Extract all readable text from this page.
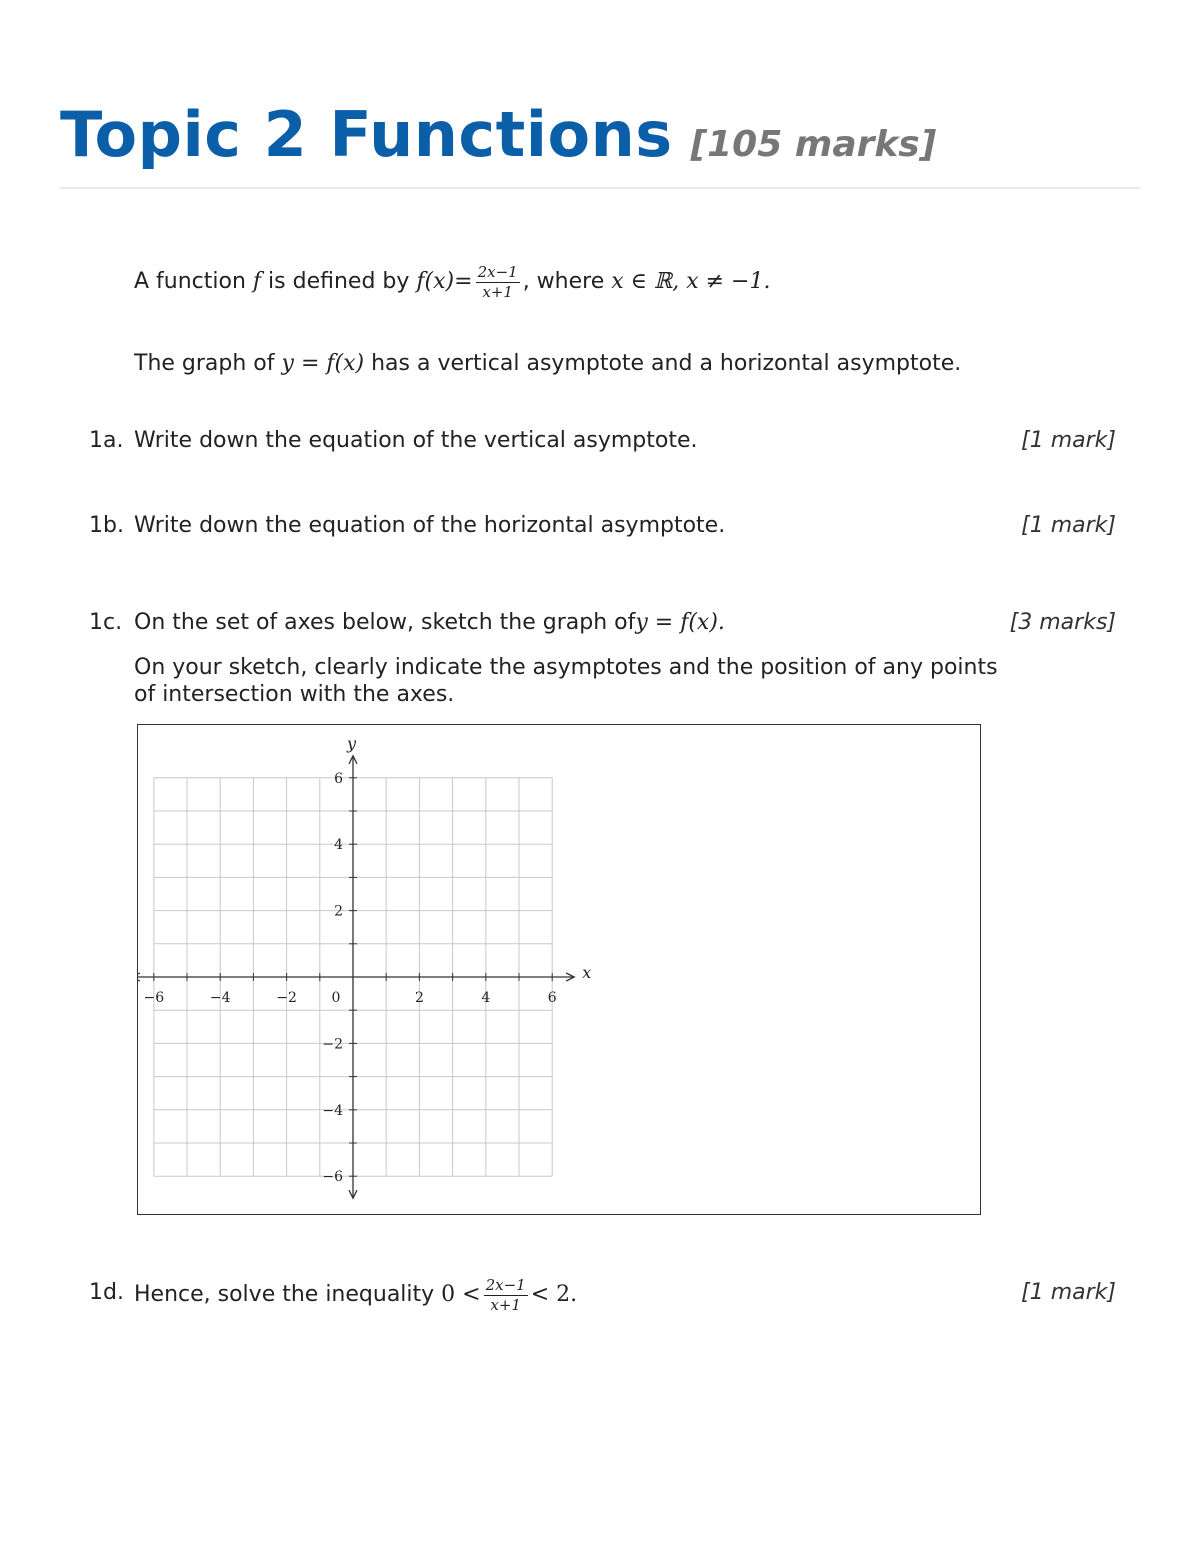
Topic 2 Functions [105 marks]
A function f is defined by $f(x)= \frac{2x-1}{x+1}$ , where x ∈ ℝ, x ≠ −1.
The graph of y = f(x) has a vertical asymptote and a horizontal asymptote.
1a. Write down the equation of the vertical asymptote.	[1 mark]
1b. Write down the equation of the horizontal asymptote.	[1 mark]
1c. On the set of axes below, sketch the graph ofy = f(x).	[3 marks]
On your sketch, clearly indicate the asymptotes and the position of any points
of intersection with the axes.
−6	−4	−2 0	2	4	6
6
4
2
−2
−4
−6
x
y
1d. Hence, solve the inequality $0 < \frac{2x-1}{x+1} < 2$.	[1 mark]
